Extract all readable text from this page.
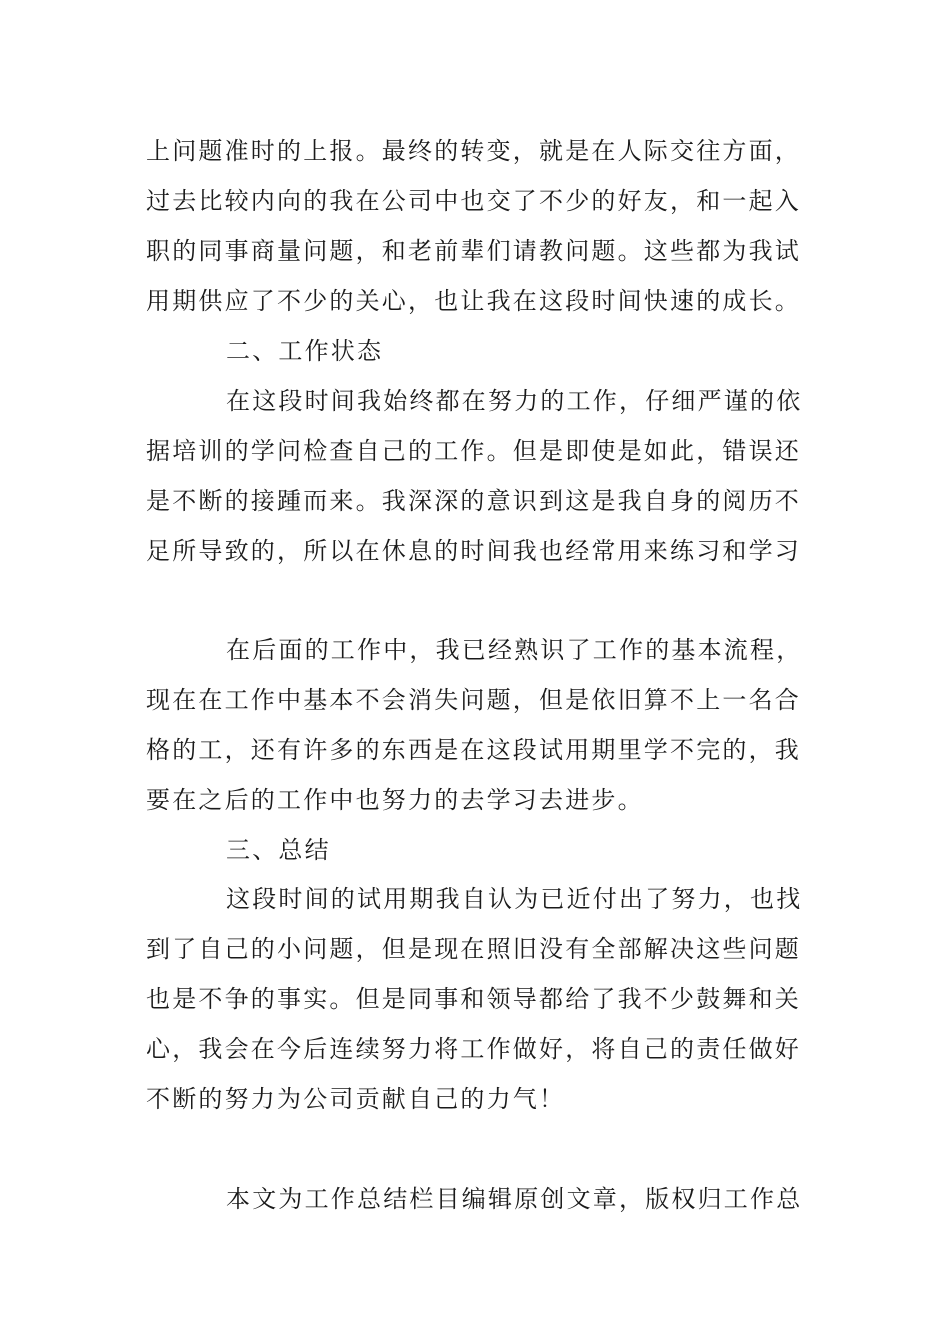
上问题准时的上报。最终的转变，就是在人际交往方面，
过去比较内向的我在公司中也交了不少的好友，和一起入
职的同事商量问题，和老前辈们请教问题。这些都为我试
用期供应了不少的关心，也让我在这段时间快速的成长。
二、工作状态
在这段时间我始终都在努力的工作，仔细严谨的依
据培训的学问检查自己的工作。但是即使是如此，错误还
是不断的接踵而来。我深深的意识到这是我自身的阅历不
足所导致的，所以在休息的时间我也经常用来练习和学习
在后面的工作中，我已经熟识了工作的基本流程，
现在在工作中基本不会消失问题，但是依旧算不上一名合
格的工，还有许多的东西是在这段试用期里学不完的，我
要在之后的工作中也努力的去学习去进步。
三、总结
这段时间的试用期我自认为已近付出了努力，也找
到了自己的小问题，但是现在照旧没有全部解决这些问题
也是不争的事实。但是同事和领导都给了我不少鼓舞和关
心，我会在今后连续努力将工作做好，将自己的责任做好
不断的努力为公司贡献自己的力气！
本文为工作总结栏目编辑原创文章，版权归工作总
